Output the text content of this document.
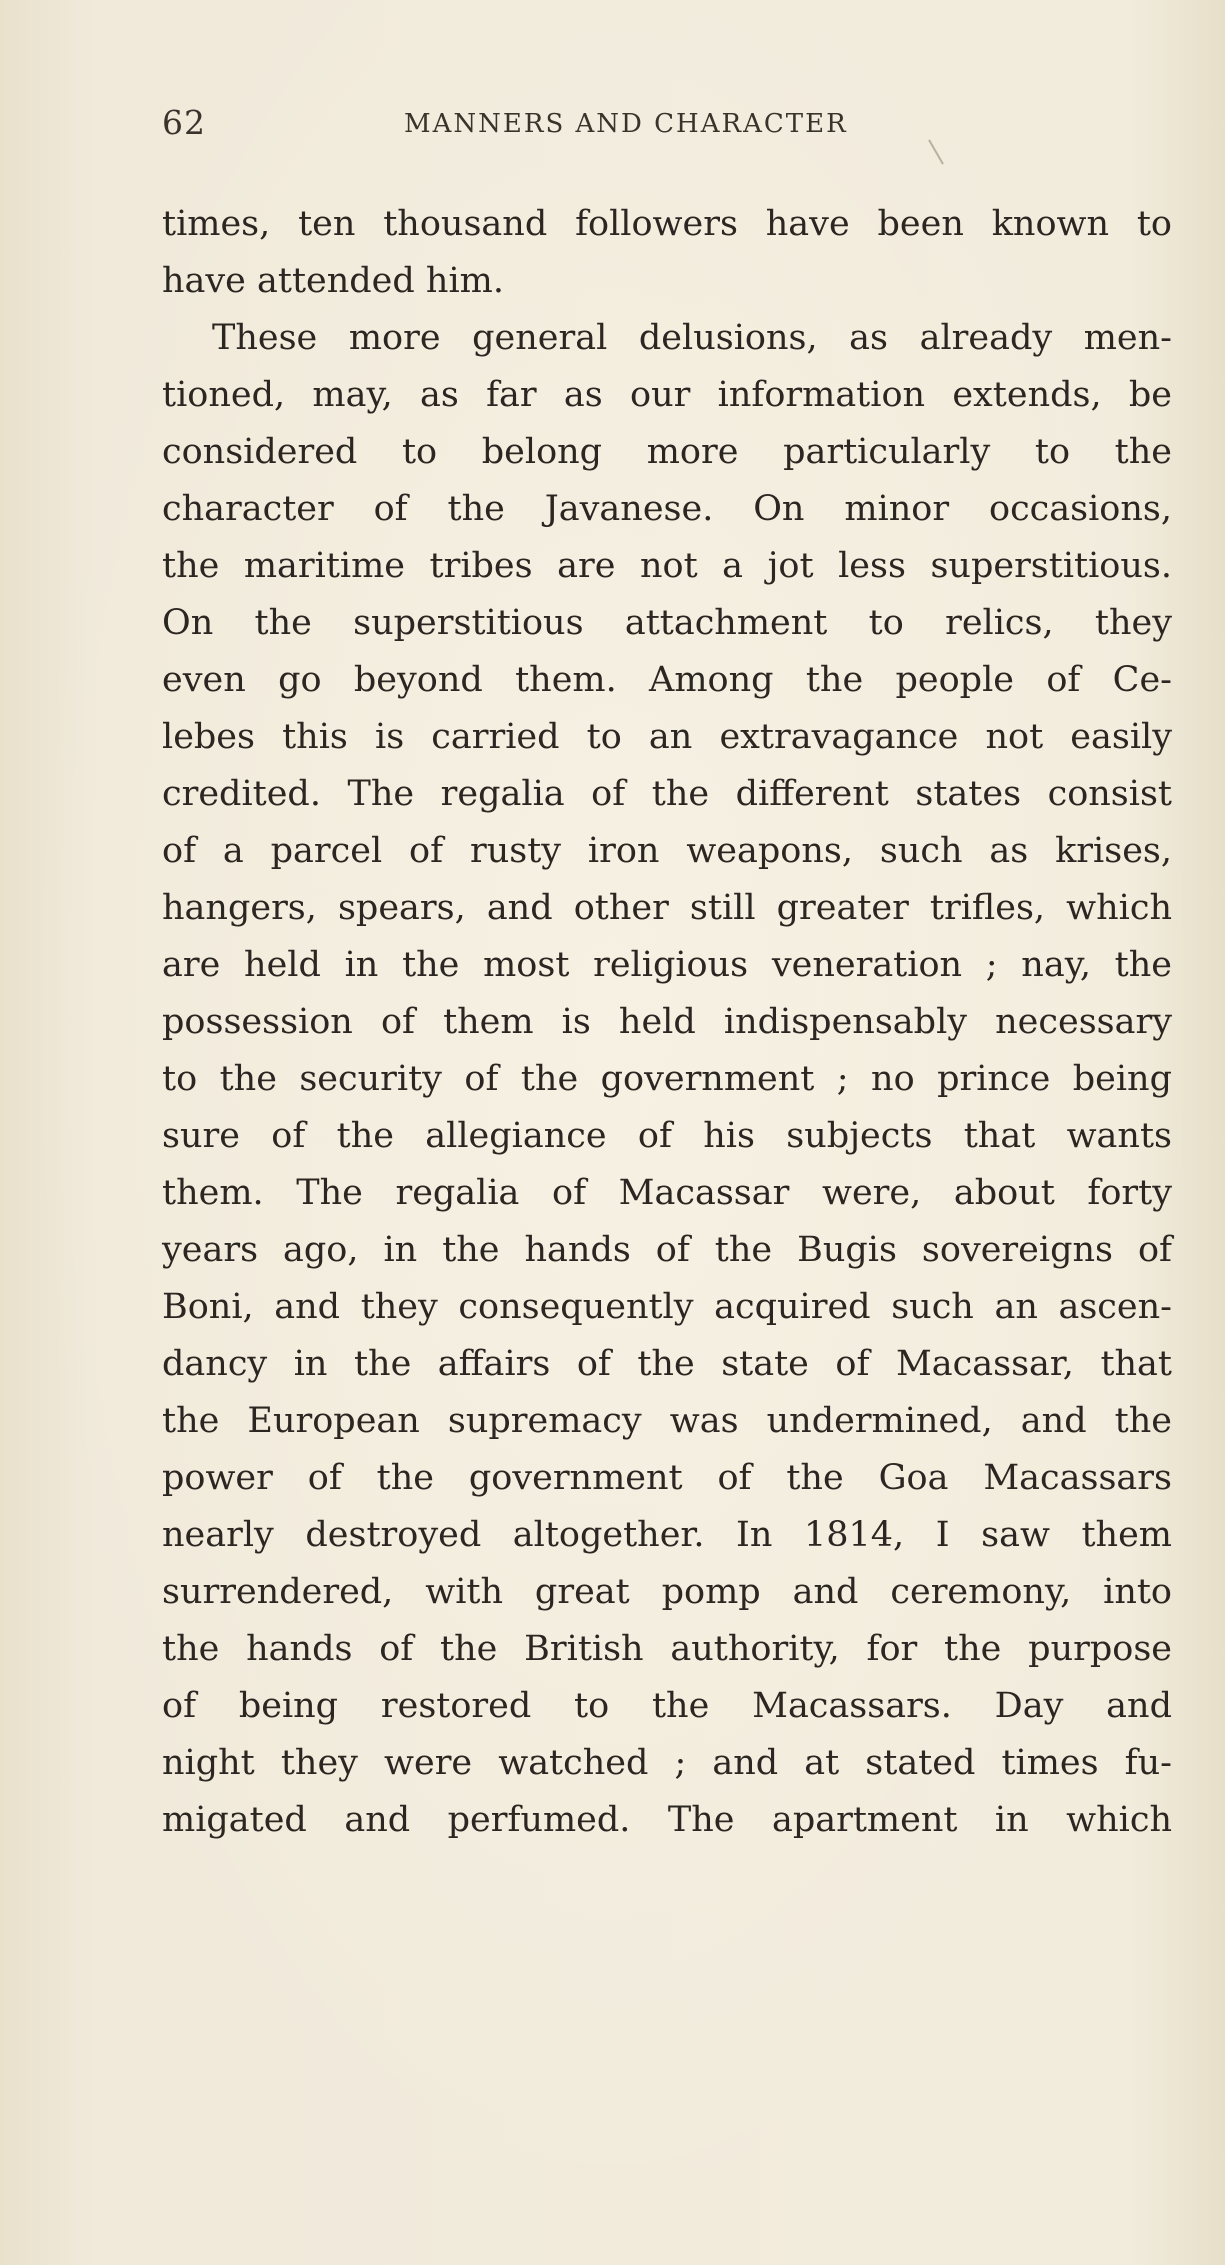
62	MANNERS AND CHARACTER
times, ten thousand followers have been known to
have attended him.
These more general delusions, as already men-
tioned, may, as far as our information extends, be
considered to belong more particularly to the
character of the Javanese. On minor occasions,
the maritime tribes are not a jot less superstitious.
On the superstitious attachment to relics, they
even go beyond them. Among the people of Ce-
lebes this is carried to an extravagance not easily
credited. The regalia of the different states consist
of a parcel of rusty iron weapons, such as krises,
hangers, spears, and other still greater trifles, which
are held in the most religious veneration ; nay, the
possession of them is held indispensably necessary
to the security of the government ; no prince being
sure of the allegiance of his subjects that wants
them. The regalia of Macassar were, about forty
years ago, in the hands of the Bugis sovereigns of
Boni, and they consequently acquired such an ascen-
dancy in the affairs of the state of Macassar, that
the European supremacy was undermined, and the
power of the government of the Goa Macassars
nearly destroyed altogether. In 1814, I saw them
surrendered, with great pomp and ceremony, into
the hands of the British authority, for the purpose
of being restored to the Macassars. Day and
night they were watched ; and at stated times fu-
migated and perfumed. The apartment in which
